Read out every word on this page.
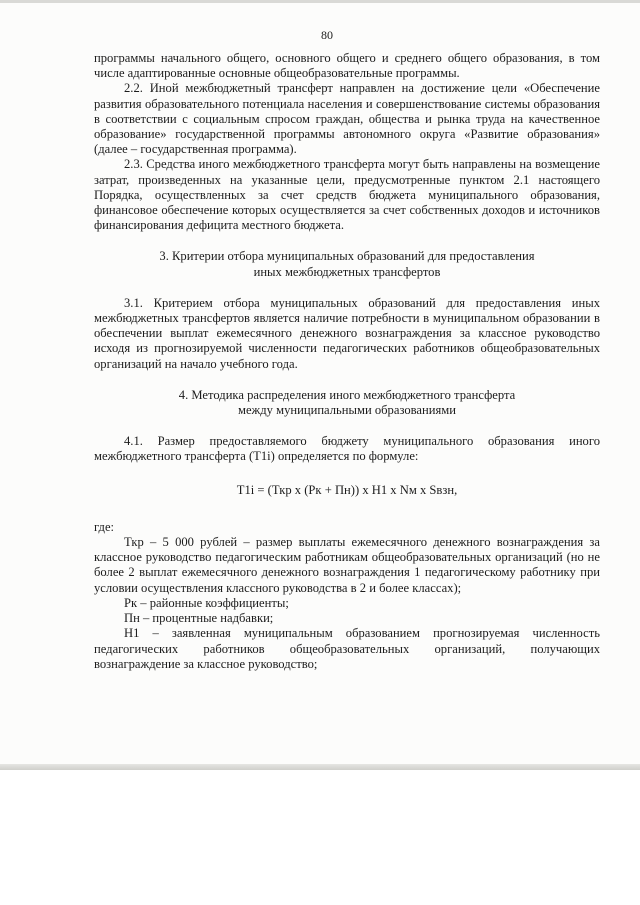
80

программы начального общего, основного общего и среднего общего образования, в том числе адаптированные основные общеобразовательные программы.

2.2. Иной межбюджетный трансферт направлен на достижение цели «Обеспечение развития образовательного потенциала населения и совершенствование системы образования в соответствии с социальным спросом граждан, общества и рынка труда на качественное образование» государственной программы автономного округа «Развитие образования» (далее – государственная программа).

2.3. Средства иного межбюджетного трансферта могут быть направлены на возмещение затрат, произведенных на указанные цели, предусмотренные пунктом 2.1 настоящего Порядка, осуществленных за счет средств бюджета муниципального образования, финансовое обеспечение которых осуществляется за счет собственных доходов и источников финансирования дефицита местного бюджета.

3. Критерии отбора муниципальных образований для предоставления
иных межбюджетных трансфертов

3.1. Критерием отбора муниципальных образований для предоставления иных межбюджетных трансфертов является наличие потребности в муниципальном образовании в обеспечении выплат ежемесячного денежного вознаграждения за классное руководство исходя из прогнозируемой численности педагогических работников общеобразовательных организаций на начало учебного года.

4. Методика распределения иного межбюджетного трансферта
между муниципальными образованиями

4.1. Размер предоставляемого бюджету муниципального образования иного межбюджетного трансферта (Т1i) определяется по формуле:

T1i = (Ткр х (Рк + Пн)) х Н1 х Nм х Sвзн,

где:

Ткр – 5 000 рублей – размер выплаты ежемесячного денежного вознаграждения за классное руководство педагогическим работникам общеобразовательных организаций (но не более 2 выплат ежемесячного денежного вознаграждения 1 педагогическому работнику при условии осуществления классного руководства в 2 и более классах);

Рк – районные коэффициенты;

Пн – процентные надбавки;

Н1 – заявленная муниципальным образованием прогнозируемая численность педагогических работников общеобразовательных организаций, получающих вознаграждение за классное руководство;
